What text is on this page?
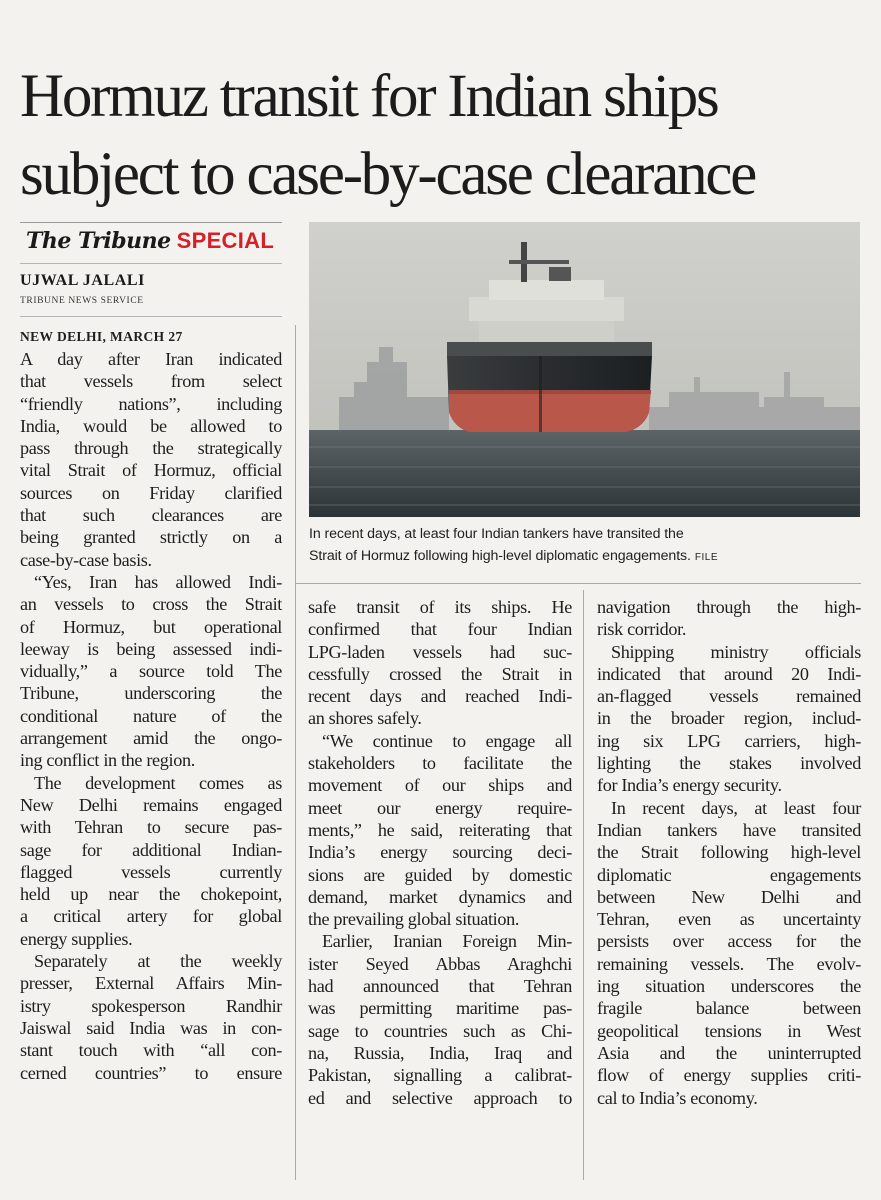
Hormuz transit for Indian ships
subject to case-by-case clearance
The Tribune SPECIAL
UJWAL JALALI
TRIBUNE NEWS SERVICE
In recent days, at least four Indian tankers have transited the
Strait of Hormuz following high-level diplomatic engagements. FILE
NEW DELHI, MARCH 27
A day after Iran indicated
that vessels from select
“friendly nations”, including
India, would be allowed to
pass through the strategically
vital Strait of Hormuz, official
sources on Friday clarified
that such clearances are
being granted strictly on a
case-by-case basis.
“Yes, Iran has allowed Indi-
an vessels to cross the Strait
of Hormuz, but operational
leeway is being assessed indi-
vidually,” a source told The
Tribune, underscoring the
conditional nature of the
arrangement amid the ongo-
ing conflict in the region.
The development comes as
New Delhi remains engaged
with Tehran to secure pas-
sage for additional Indian-
flagged vessels currently
held up near the chokepoint,
a critical artery for global
energy supplies.
Separately at the weekly
presser, External Affairs Min-
istry spokesperson Randhir
Jaiswal said India was in con-
stant touch with “all con-
cerned countries” to ensure
safe transit of its ships. He
confirmed that four Indian
LPG-laden vessels had suc-
cessfully crossed the Strait in
recent days and reached Indi-
an shores safely.
“We continue to engage all
stakeholders to facilitate the
movement of our ships and
meet our energy require-
ments,” he said, reiterating that
India’s energy sourcing deci-
sions are guided by domestic
demand, market dynamics and
the prevailing global situation.
Earlier, Iranian Foreign Min-
ister Seyed Abbas Araghchi
had announced that Tehran
was permitting maritime pas-
sage to countries such as Chi-
na, Russia, India, Iraq and
Pakistan, signalling a calibrat-
ed and selective approach to
navigation through the high-
risk corridor.
Shipping ministry officials
indicated that around 20 Indi-
an-flagged vessels remained
in the broader region, includ-
ing six LPG carriers, high-
lighting the stakes involved
for India’s energy security.
In recent days, at least four
Indian tankers have transited
the Strait following high-level
diplomatic engagements
between New Delhi and
Tehran, even as uncertainty
persists over access for the
remaining vessels. The evolv-
ing situation underscores the
fragile balance between
geopolitical tensions in West
Asia and the uninterrupted
flow of energy supplies criti-
cal to India’s economy.
